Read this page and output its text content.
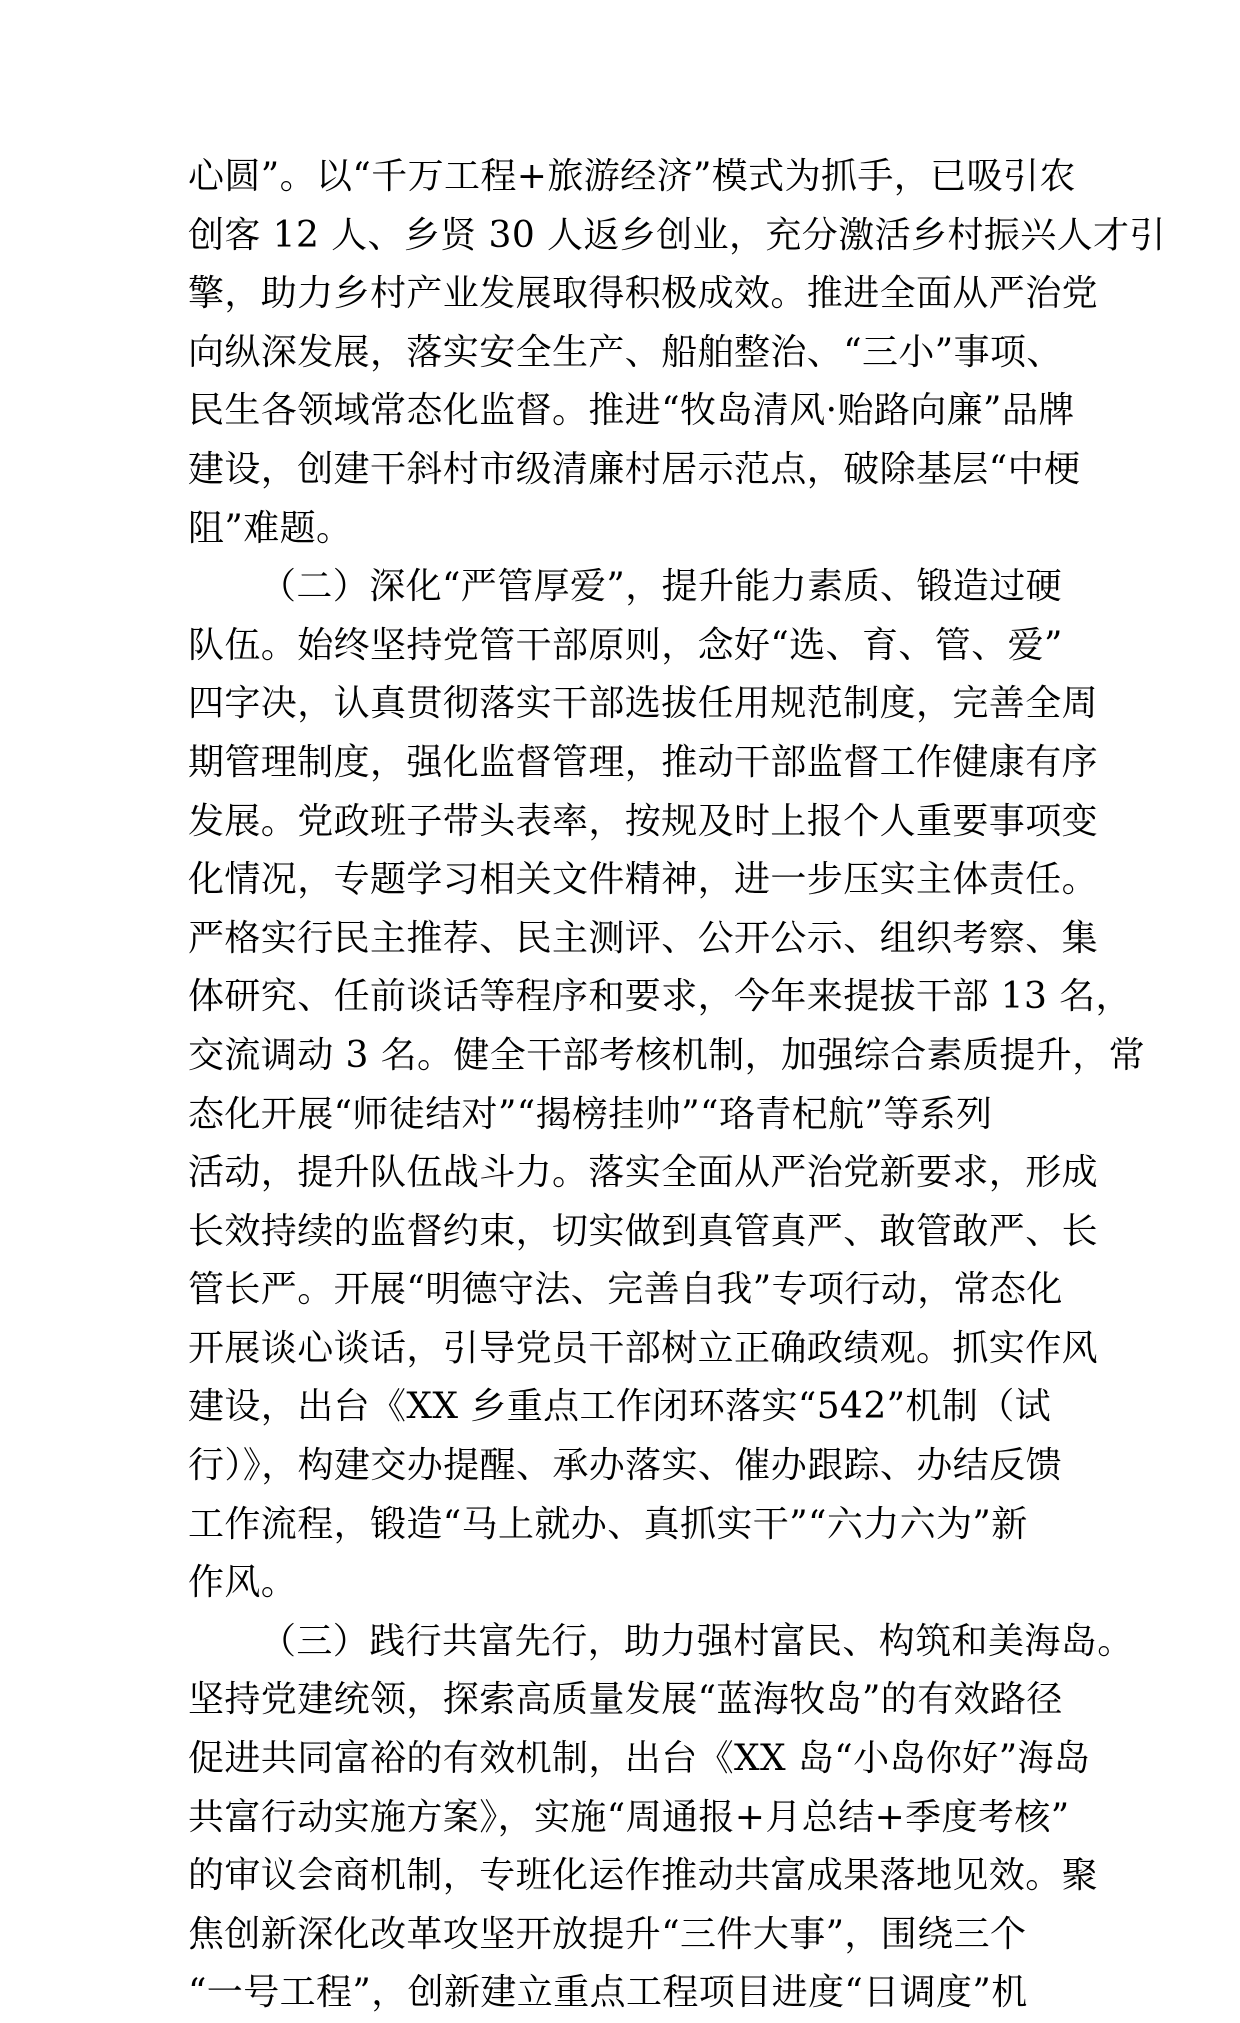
心圆”。以“千万工程+旅游经济”模式为抓手，已吸引农
创客 12 人、乡贤 30 人返乡创业，充分激活乡村振兴人才引
擎，助力乡村产业发展取得积极成效。推进全面从严治党
向纵深发展，落实安全生产、船舶整治、“三小”事项、
民生各领域常态化监督。推进“牧岛清风·贻路向廉”品牌
建设，创建干斜村市级清廉村居示范点，破除基层“中梗
阻”难题。
（二）深化“严管厚爱”，提升能力素质、锻造过硬
队伍。始终坚持党管干部原则，念好“选、育、管、爱”
四字决，认真贯彻落实干部选拔任用规范制度，完善全周
期管理制度，强化监督管理，推动干部监督工作健康有序
发展。党政班子带头表率，按规及时上报个人重要事项变
化情况，专题学习相关文件精神，进一步压实主体责任。
严格实行民主推荐、民主测评、公开公示、组织考察、集
体研究、任前谈话等程序和要求，今年来提拔干部 13 名，
交流调动 3 名。健全干部考核机制，加强综合素质提升，常
态化开展“师徒结对”“揭榜挂帅”“珞青杞航”等系列
活动，提升队伍战斗力。落实全面从严治党新要求，形成
长效持续的监督约束，切实做到真管真严、敢管敢严、长
管长严。开展“明德守法、完善自我”专项行动，常态化
开展谈心谈话，引导党员干部树立正确政绩观。抓实作风
建设，出台《XX 乡重点工作闭环落实“542”机制（试
行）》，构建交办提醒、承办落实、催办跟踪、办结反馈
工作流程，锻造“马上就办、真抓实干”“六力六为”新
作风。
（三）践行共富先行，助力强村富民、构筑和美海岛。
坚持党建统领，探索高质量发展“蓝海牧岛”的有效路径
促进共同富裕的有效机制，出台《XX 岛“小岛你好”海岛
共富行动实施方案》，实施“周通报+月总结+季度考核”
的审议会商机制，专班化运作推动共富成果落地见效。聚
焦创新深化改革攻坚开放提升“三件大事”，围绕三个
“一号工程”，创新建立重点工程项目进度“日调度”机
